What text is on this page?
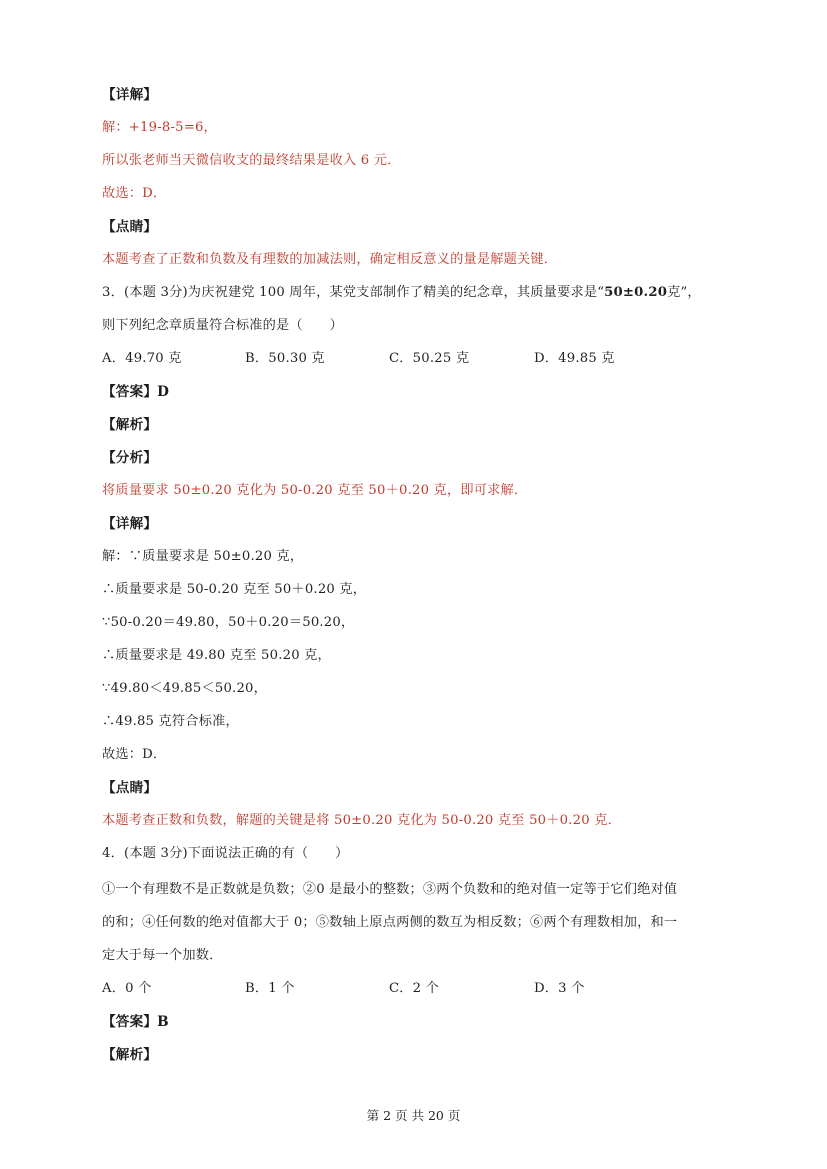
【详解】
解：+19-8-5=6，
所以张老师当天微信收支的最终结果是收入 6 元．
故选：D．
【点睛】
本题考查了正数和负数及有理数的加减法则，确定相反意义的量是解题关键．
3．(本题 3分)为庆祝建党 100 周年，某党支部制作了精美的纪念章，其质量要求是“50±0.20克”，
则下列纪念章质量符合标准的是（　　）
A．49.70 克	B．50.30 克	C．50.25 克	D．49.85 克
【答案】D
【解析】
【分析】
将质量要求 50±0.20 克化为 50-0.20 克至 50＋0.20 克，即可求解．
【详解】
解：∵质量要求是 50±0.20 克，
∴质量要求是 50-0.20 克至 50＋0.20 克，
∵50-0.20＝49.80，50＋0.20＝50.20，
∴质量要求是 49.80 克至 50.20 克，
∵49.80＜49.85＜50.20，
∴49.85 克符合标准，
故选：D．
【点睛】
本题考查正数和负数，解题的关键是将 50±0.20 克化为 50-0.20 克至 50＋0.20 克．
4．(本题 3分)下面说法正确的有（　　）
①一个有理数不是正数就是负数；②0 是最小的整数；③两个负数和的绝对值一定等于它们绝对值
的和；④任何数的绝对值都大于 0；⑤数轴上原点两侧的数互为相反数；⑥两个有理数相加，和一
定大于每一个加数．
A．0 个	B．1 个	C．2 个	D．3 个
【答案】B
【解析】
第 2 页 共 20 页
